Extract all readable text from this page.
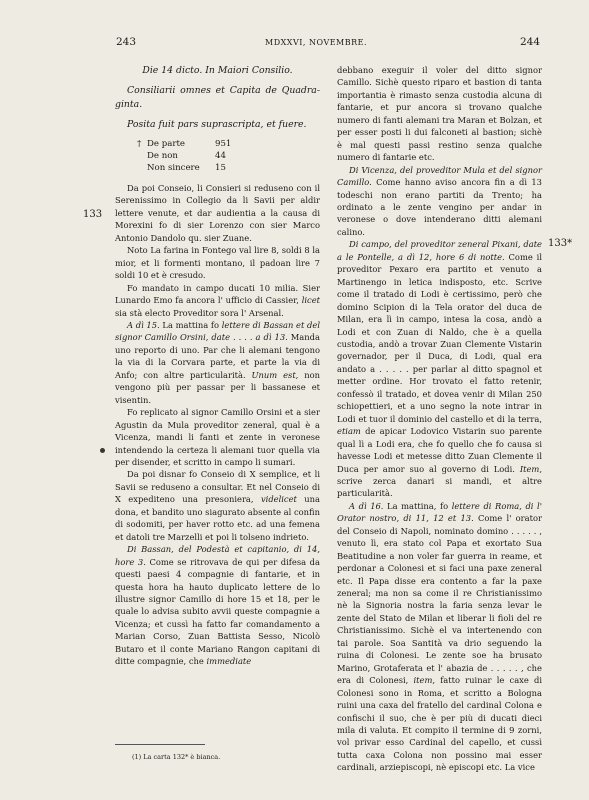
243	MDXXVI, NOVEMBRE.	244
133
133*

Die 14 dicto. In Maiori Consilio.

Consiliarii omnes et Capita de Quadra-ginta.

Posita fuit pars suprascripta, et fuere.

† De parte	951
De non	44
Non sincere	15

Da poi Conseio, li Consieri si reduseno con il Serenissimo in Collegio da li Savii per aldir lettere venute, et dar audientia a la causa di Morexini fo di sier Lorenzo con sier Marco Antonio Dandolo qu. sier Zuane.

Noto La farina in Fontego val lire 8, soldi 8 la mior, et li formenti montano, il padoan lire 7 soldi 10 et è cresudo.

Fo mandato in campo ducati 10 milia. Sier Lunardo Emo fa ancora l' ufficio di Cassier, licet sia stà electo Proveditor sora l' Arsenal.

A dì 15. La mattina fo lettere di Bassan et del signor Camillo Orsini, date . . . . a dì 13. Manda uno reporto di uno. Par che li alemani tengono la via di la Corvara parte, et parte la via di Anfo; con altre particularità. Unum est, non vengono più per passar per li bassanese et visentin.

Fo replicato al signor Camillo Orsini et a sier Agustin da Mula proveditor zeneral, qual è a Vicenza, mandi li fanti et zente in veronese intendendo la certeza li alemani tuor quella via per disender, et scritto in campo li sumari.

Da poi disnar fo Conseio di X semplice, et li Savii se reduseno a consultar. Et nel Conseio di X expediteno una presoniera, videlicet una dona, et bandito uno siagurato absente al confin di sodomiti, per haver rotto etc. ad una femena et datoli tre Marzelli et poi li tolseno indrieto.

Di Bassan, del Podestà et capitanio, di 14, hore 3. Come se ritrovava de qui per difesa da questi paesi 4 compagnie di fantarie, et in questa hora ha hauto duplicato lettere de lo illustre signor Camillo di hore 15 et 18, per le quale lo advisa subito avvii queste compagnie a Vicenza; et cussì ha fatto far comandamento a Marian Corso, Zuan Battista Sesso, Nicolò Butaro et il conte Mariano Rangon capitani di ditte compagnie, che immediate

(1) La carta 132* è bianca.

debbano exeguir il voler del ditto signor Camillo. Sichè questo riparo et bastion di tanta importantia è rimasto senza custodia alcuna di fantarie, et pur ancora si trovano qualche numero di fanti alemani tra Maran et Bolzan, et per esser posti li dui falconeti al bastion; sichè è mal questi passi restino senza qualche numero di fantarie etc.

Di Vicenza, del proveditor Mula et del signor Camillo. Come hanno aviso ancora fin a dì 13 todeschi non erano partiti da Trento; ha ordinato a le zente vengino per andar in veronese o dove intenderano ditti alemani calino.

Di campo, del proveditor zeneral Pixani, date a le Pontelle, a dì 12, hore 6 di notte. Come il proveditor Pexaro era partito et venuto a Martinengo in letica indisposto, etc. Scrive come il tratado di Lodi è certissimo, però che domino Scipion di la Tela orator del duca de Milan, era lì in campo, intesa la cosa, andò a Lodi et con Zuan di Naldo, che è a quella custodia, andò a trovar Zuan Clemente Vistarin governador, per il Duca, di Lodi, qual era andato a . . . . . per parlar al ditto spagnol et metter ordine. Hor trovato el fatto retenir, confessò il tratado, et dovea venir di Milan 250 schiopettieri, et a uno segno la note intrar in Lodi et tuor il dominio del castello et di la terra, etiam de apicar Lodovico Vistarin suo parente qual lì a Lodi era, che fo quello che fo causa si havesse Lodi et metesse ditto Zuan Clemente il Duca per amor suo al governo di Lodi. Item, scrive zerca danari si mandi, et altre particularità.

A dì 16. La mattina, fo lettere di Roma, di l' Orator nostro, di 11, 12 et 13. Come l' orator del Conseio di Napoli, nominato domino . . . . . , venuto lì, era stato col Papa et exortato Sua Beatitudine a non voler far guerra in reame, et perdonar a Colonesi et si faci una paxe zeneral etc. Il Papa disse era contento a far la paxe zeneral; ma non sa come il re Christianissimo nè la Signoria nostra la faria senza levar le zente del Stato de Milan et liberar li fioli del re Christianissimo. Sichè el va intertenendo con tai parole. Soa Santità va drio seguendo la ruina di Colonesi. Le zente soe ha brusato Marino, Grotaferata et l' abazia de . . . . . , che era di Colonesi, item, fatto ruinar le caxe di Colonesi sono in Roma, et scritto a Bologna ruini una caxa del fratello del cardinal Colona e confischi il suo, che è per più di ducati dieci mila di valuta. Et compito il termine di 9 zorni, vol privar esso Cardinal del capello, et cussì tutta caxa Colona non possino mai esser cardinali, arziepiscopi, nè episcopi etc. La vice
